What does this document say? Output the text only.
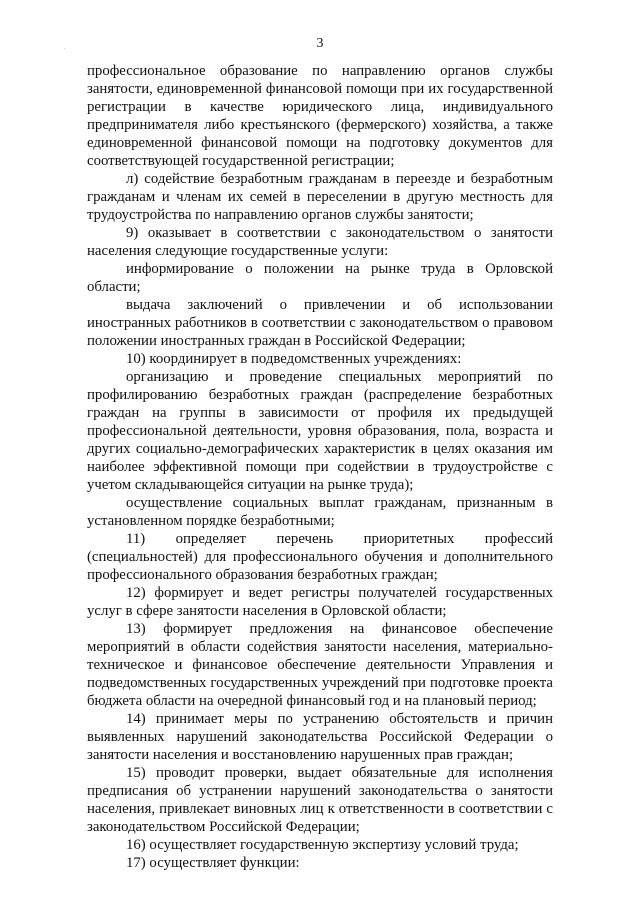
·	3

профессиональное образование по направлению органов службы занятости, единовременной финансовой помощи при их государственной регистрации в качестве юридического лица, индивидуального предпринимателя либо крестьянского (фермерского) хозяйства, а также единовременной финансовой помощи на подготовку документов для соответствующей государственной регистрации;

л) содействие безработным гражданам в переезде и безработным гражданам и членам их семей в переселении в другую местность для трудоустройства по направлению органов службы занятости;

9) оказывает в соответствии с законодательством о занятости населения следующие государственные услуги:

информирование о положении на рынке труда в Орловской области;

выдача заключений о привлечении и об использовании иностранных работников в соответствии с законодательством о правовом положении иностранных граждан в Российской Федерации;

10) координирует в подведомственных учреждениях:

организацию и проведение специальных мероприятий по профилированию безработных граждан (распределение безработных граждан на группы в зависимости от профиля их предыдущей профессиональной деятельности, уровня образования, пола, возраста и других социально-демографических характеристик в целях оказания им наиболее эффективной помощи при содействии в трудоустройстве с учетом складывающейся ситуации на рынке труда);

осуществление социальных выплат гражданам, признанным в установленном порядке безработными;

11) определяет перечень приоритетных профессий (специальностей) для профессионального обучения и дополнительного профессионального образования безработных граждан;

12) формирует и ведет регистры получателей государственных услуг в сфере занятости населения в Орловской области;

13) формирует предложения на финансовое обеспечение мероприятий в области содействия занятости населения, материально-техническое и финансовое обеспечение деятельности Управления и подведомственных государственных учреждений при подготовке проекта бюджета области на очередной финансовый год и на плановый период;

14) принимает меры по устранению обстоятельств и причин выявленных нарушений законодательства Российской Федерации о занятости населения и восстановлению нарушенных прав граждан;

15) проводит проверки, выдает обязательные для исполнения предписания об устранении нарушений законодательства о занятости населения, привлекает виновных лиц к ответственности в соответствии с законодательством Российской Федерации;

16) осуществляет государственную экспертизу условий труда;

17) осуществляет функции:
